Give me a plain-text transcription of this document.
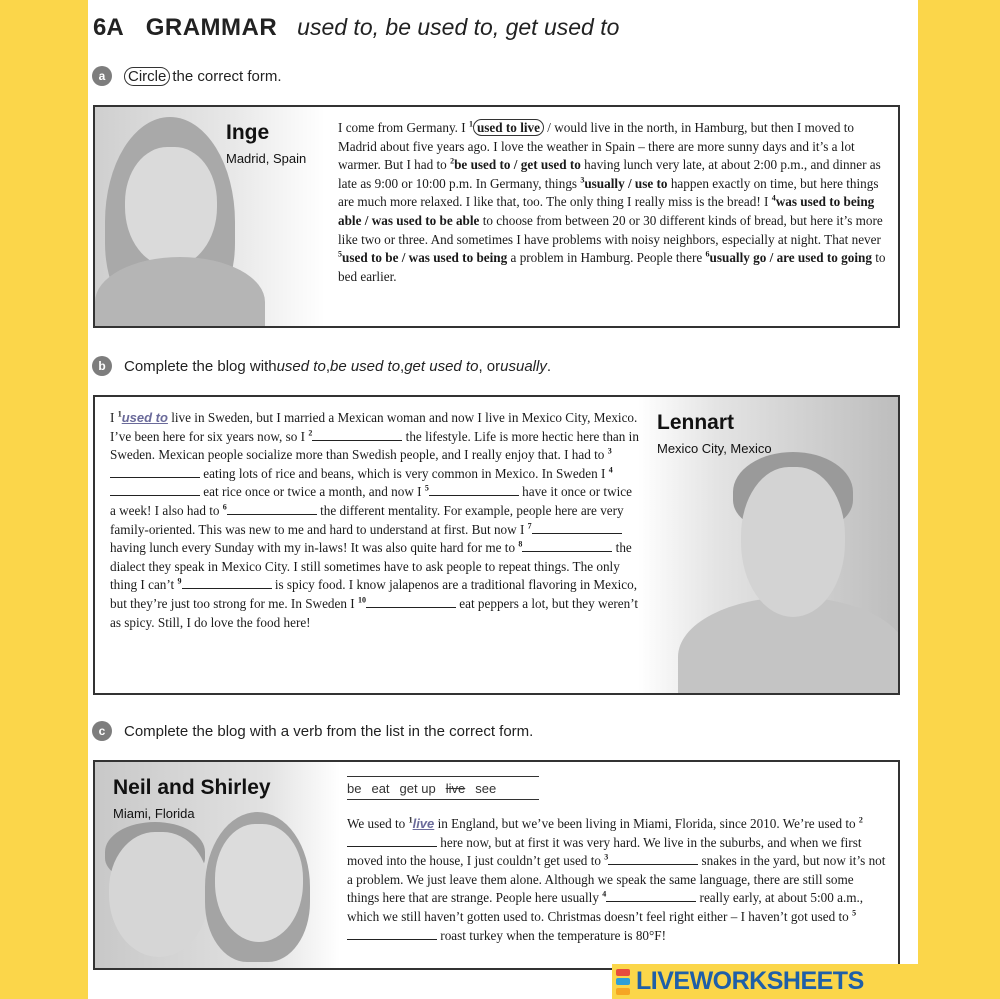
6A GRAMMAR used to, be used to, get used to
a	Circle the correct form.
Inge
Madrid, Spain
I come from Germany. I $^1$ used to live / would live in the north, in Hamburg, but then I moved to Madrid about five years ago. I love the weather in Spain – there are more sunny days and it’s a lot warmer. But I had to $^2$be used to / get used to having lunch very late, at about 2:00 p.m., and dinner as late as 9:00 or 10:00 p.m. In Germany, things $^3$usually / use to happen exactly on time, but here things are much more relaxed. I like that, too. The only thing I really miss is the bread! I $^4$was used to being able / was used to be able to choose from between 20 or 30 different kinds of bread, but here it’s more like two or three. And sometimes I have problems with noisy neighbors, especially at night. That never $^5$used to be / was used to being a problem in Hamburg. People there $^6$usually go / are used to going to bed earlier.
b	Complete the blog with used to , be used to , get used to , or usually .
Lennart
Mexico City, Mexico
I $^1$used to live in Sweden, but I married a Mexican woman and now I live in Mexico City, Mexico. I’ve been here for six years now, so I $^2$	the lifestyle. Life is more hectic here than in Sweden. Mexican people socialize more than Swedish people, and I really enjoy that. I had to $^3$ eating lots of rice and beans, which is very common in Mexico. In Sweden I $^4$ eat rice once or twice a month, and now I $^5$	have it once or twice a week! I also had to $^6$	the different mentality. For example, people here are very family-oriented. This was new to me and hard to understand at first. But now I $^7$ having lunch every Sunday with my in-laws! It was also quite hard for me to $^8$	the dialect they speak in Mexico City. I still sometimes have to ask people to repeat things. The only thing I can’t $^9$	is spicy food. I know jalapenos are a traditional flavoring in Mexico, but they’re just too strong for me. In Sweden I $^{10}$	eat peppers a lot, but they weren’t as spicy. Still, I do love the food here!
c	Complete the blog with a verb from the list in the correct form.
Neil and Shirley
Miami, Florida
be eat get up live see
We used to $^1$live in England, but we’ve been living in Miami, Florida, since 2010. We’re used to $^2$ here now, but at first it was very hard. We live in the suburbs, and when we first moved into the house, I just couldn’t get used to $^3$	snakes in the yard, but now it’s not a problem. We just leave them alone. Although we speak the same language, there are still some things here that are strange. People here usually $^4$	really early, at about 5:00 a.m., which we still haven’t gotten used to. Christmas doesn’t feel right either – I haven’t got used to $^5$ roast turkey when the temperature is 80°F!
LIVEWORKSHEETS
